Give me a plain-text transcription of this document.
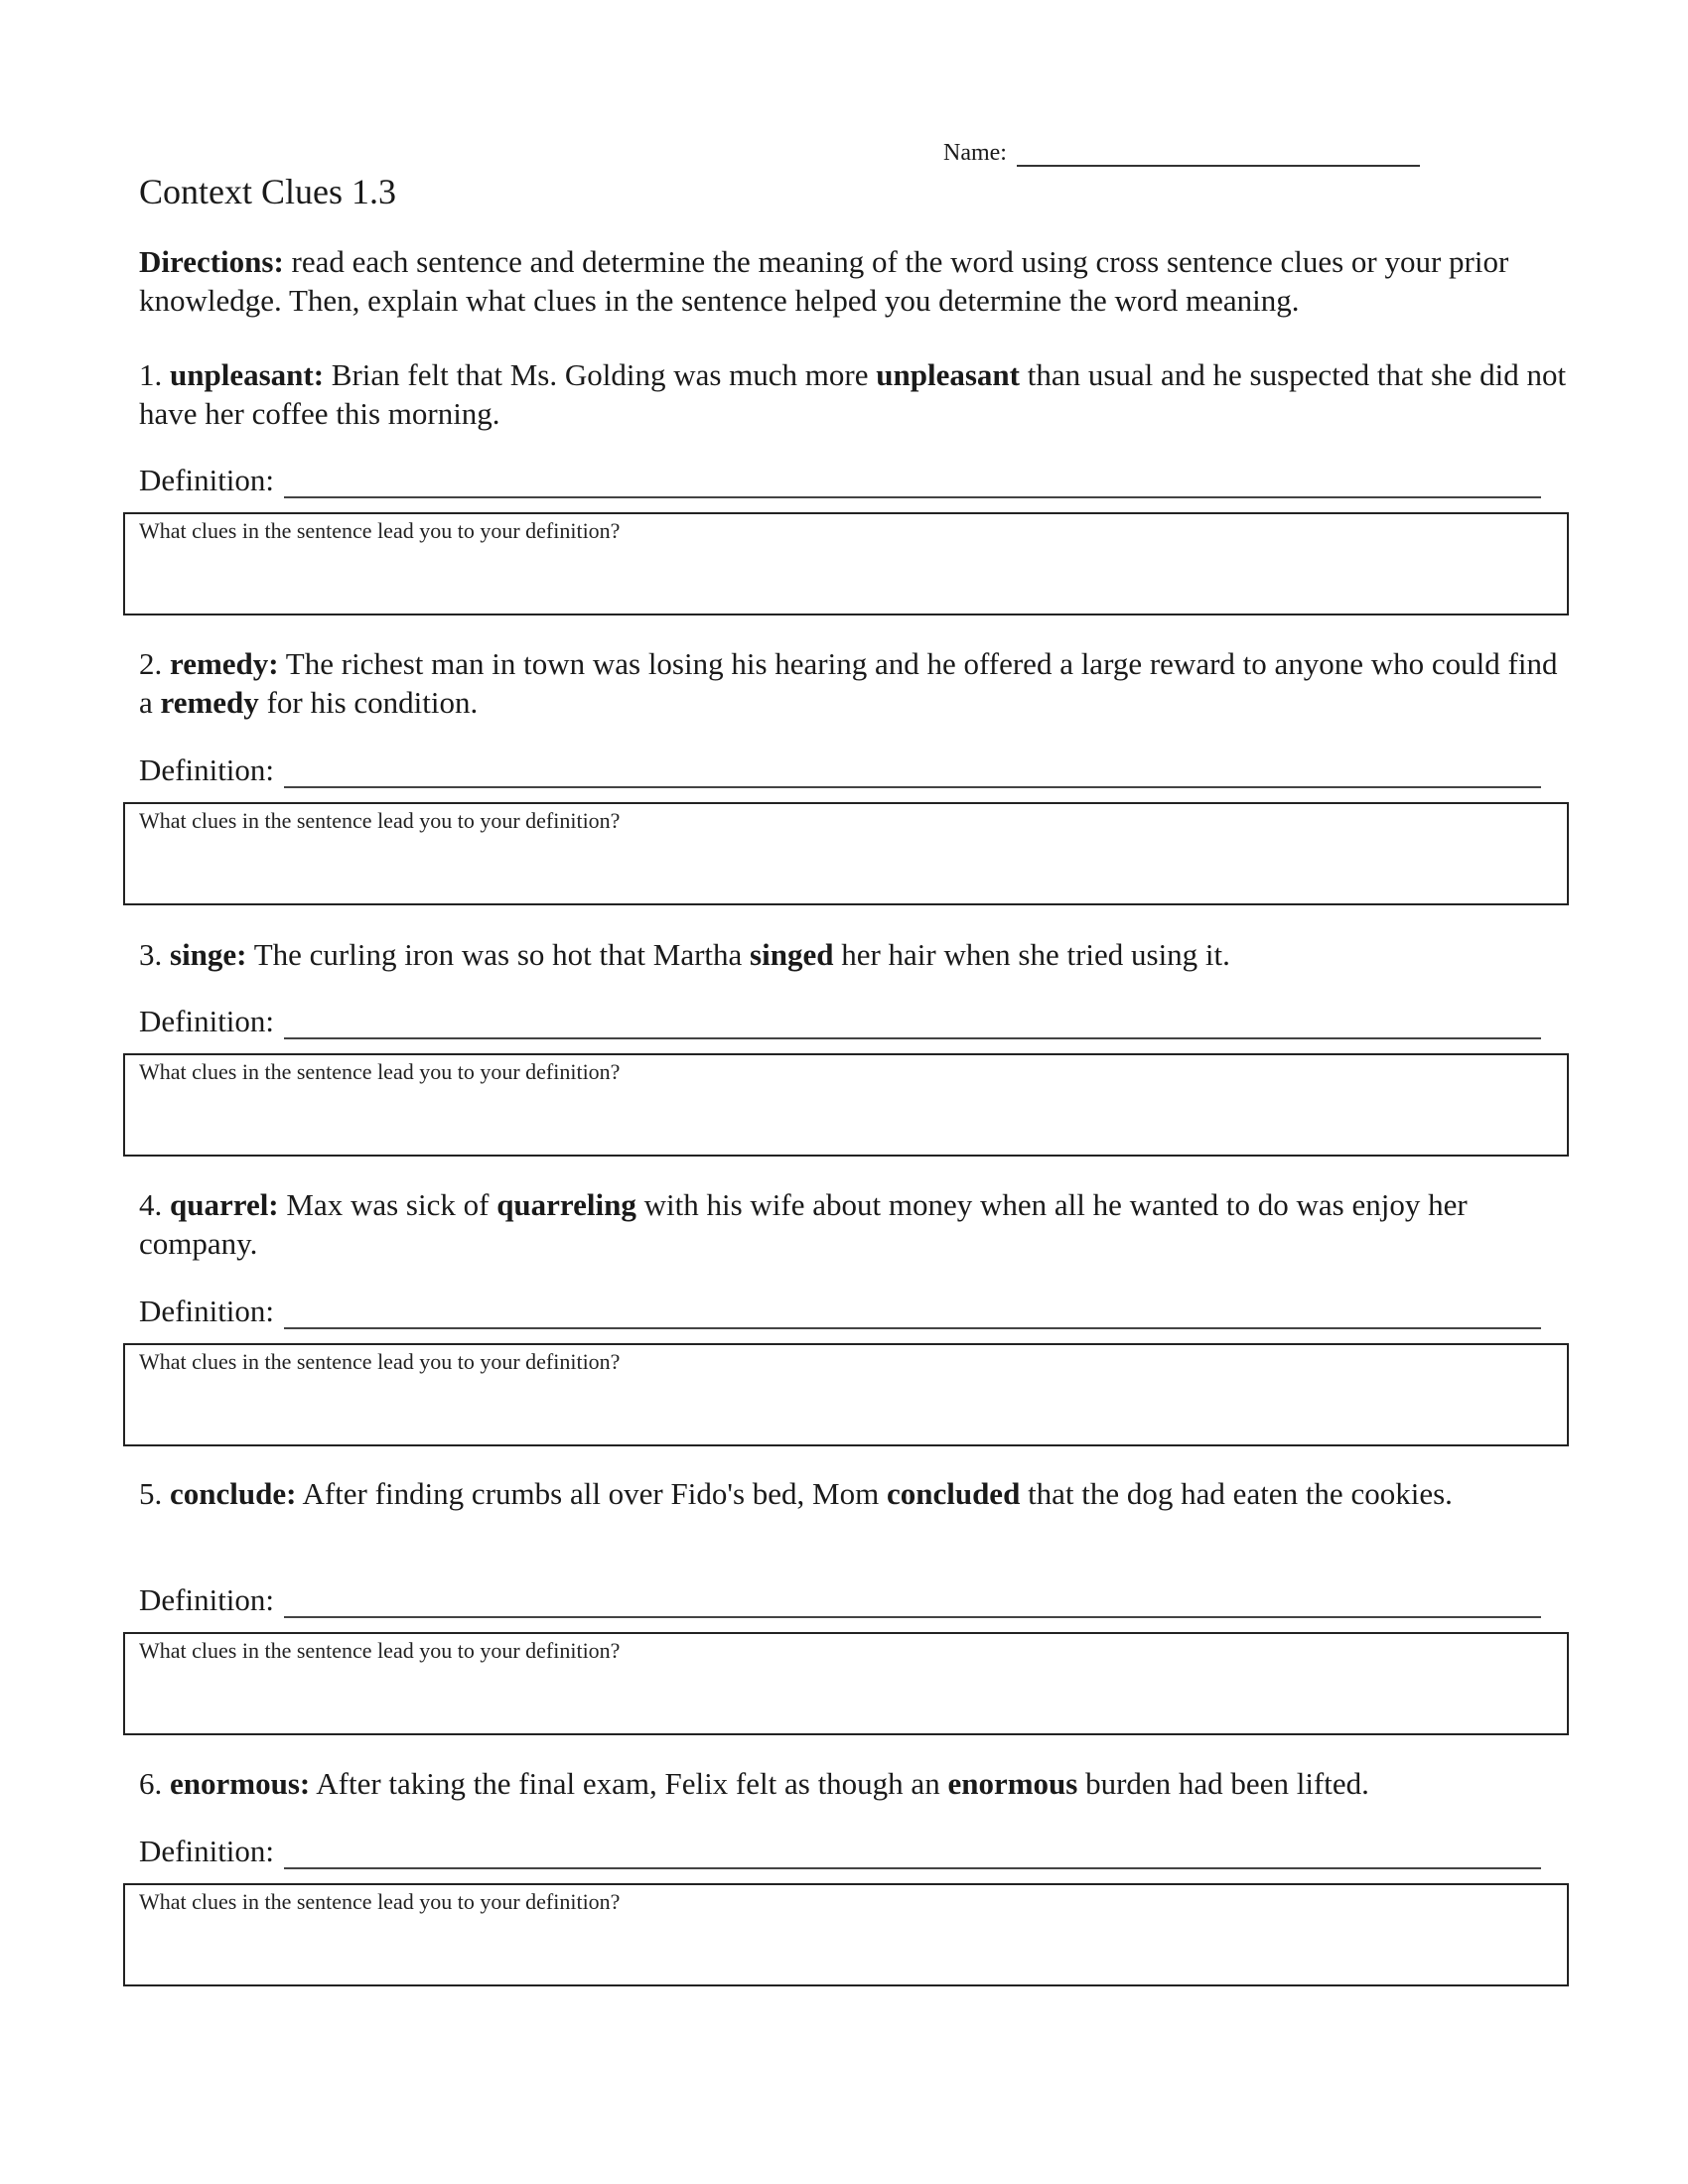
Name:
Context Clues 1.3

Directions: read each sentence and determine the meaning of the word using cross sentence clues or your prior knowledge. Then, explain what clues in the sentence helped you determine the word meaning.

1. unpleasant: Brian felt that Ms. Golding was much more unpleasant than usual and he suspected that she did not have her coffee this morning.

Definition:
What clues in the sentence lead you to your definition?

2. remedy: The richest man in town was losing his hearing and he offered a large reward to anyone who could find a remedy for his condition.

Definition:
What clues in the sentence lead you to your definition?

3. singe: The curling iron was so hot that Martha singed her hair when she tried using it.

Definition:
What clues in the sentence lead you to your definition?

4. quarrel: Max was sick of quarreling with his wife about money when all he wanted to do was enjoy her company.

Definition:
What clues in the sentence lead you to your definition?

5. conclude: After finding crumbs all over Fido's bed, Mom concluded that the dog had eaten the cookies.

Definition:
What clues in the sentence lead you to your definition?

6. enormous: After taking the final exam, Felix felt as though an enormous burden had been lifted.

Definition:
What clues in the sentence lead you to your definition?
